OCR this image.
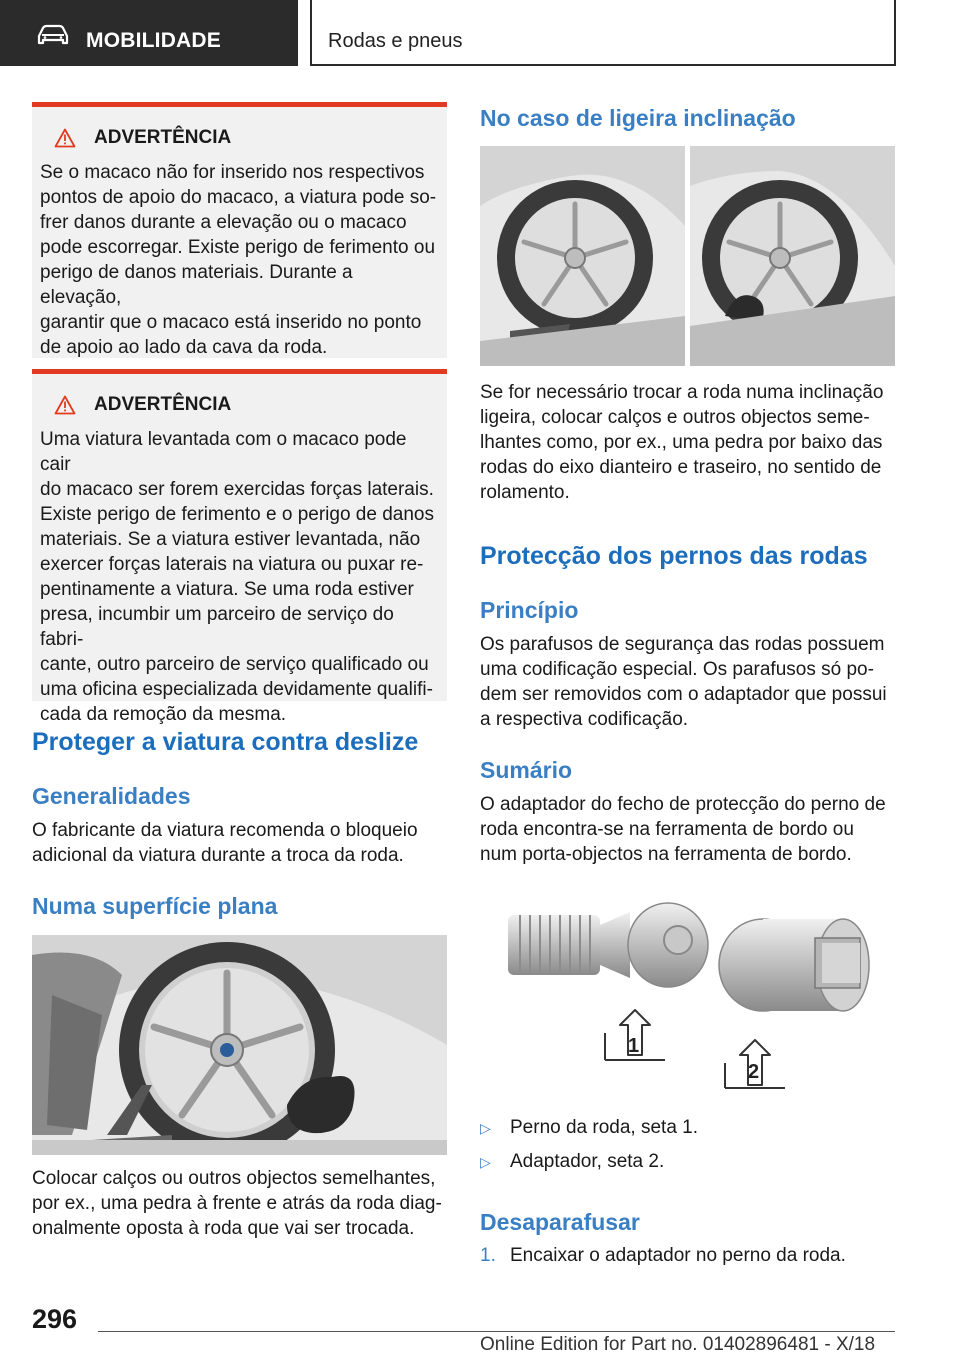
MOBILIDADE	Rodas e pneus
ADVERTÊNCIA

Se o macaco não for inserido nos respectivos
pontos de apoio do macaco, a viatura pode so-
frer danos durante a elevação ou o macaco
pode escorregar. Existe perigo de ferimento ou
perigo de danos materiais. Durante a elevação,
garantir que o macaco está inserido no ponto
de apoio ao lado da cava da roda.

ADVERTÊNCIA

Uma viatura levantada com o macaco pode cair
do macaco ser forem exercidas forças laterais.
Existe perigo de ferimento e o perigo de danos
materiais. Se a viatura estiver levantada, não
exercer forças laterais na viatura ou puxar re-
pentinamente a viatura. Se uma roda estiver
presa, incumbir um parceiro de serviço do fabri-
cante, outro parceiro de serviço qualificado ou
uma oficina especializada devidamente qualifi-
cada da remoção da mesma.

Proteger a viatura contra deslize
Generalidades
O fabricante da viatura recomenda o bloqueio
adicional da viatura durante a troca da roda.
Numa superfície plana
Colocar calços ou outros objectos semelhantes,
por ex., uma pedra à frente e atrás da roda diag-
onalmente oposta à roda que vai ser trocada.
No caso de ligeira inclinação
Se for necessário trocar a roda numa inclinação
ligeira, colocar calços e outros objectos seme-
lhantes como, por ex., uma pedra por baixo das
rodas do eixo dianteiro e traseiro, no sentido de
rolamento.
Protecção dos pernos das rodas
Princípio
Os parafusos de segurança das rodas possuem
uma codificação especial. Os parafusos só po-
dem ser removidos com o adaptador que possui
a respectiva codificação.
Sumário
O adaptador do fecho de protecção do perno de
roda encontra-se na ferramenta de bordo ou
num porta-objectos na ferramenta de bordo.
1
2
▷	Perno da roda, seta 1.
▷	Adaptador, seta 2.
Desaparafusar
1. Encaixar o adaptador no perno da roda.
296
Online Edition for Part no. 01402896481 - X/18
